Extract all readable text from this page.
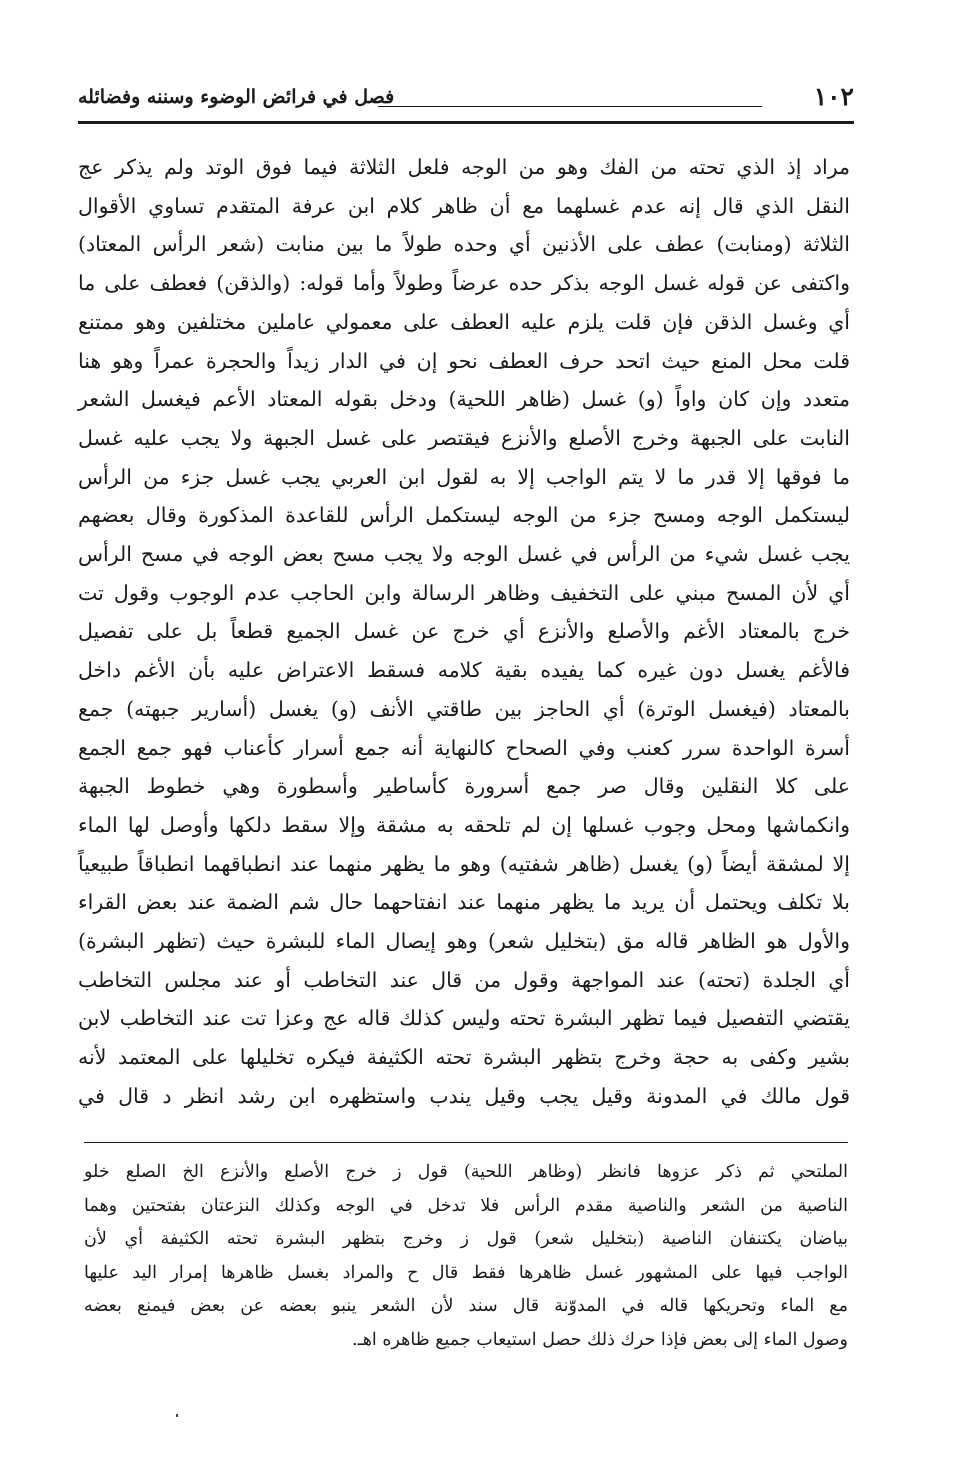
١٠٢
فصل في فرائض الوضوء وسننه وفضائله
مراد إذ الذي تحته من الفك وهو من الوجه فلعل الثلاثة فيما فوق الوتد ولم يذكر عج
النقل الذي قال إنه عدم غسلهما مع أن ظاهر كلام ابن عرفة المتقدم تساوي الأقوال
الثلاثة (ومنابت) عطف على الأذنين أي وحده طولاً ما بين منابت (شعر الرأس المعتاد)
واكتفى عن قوله غسل الوجه بذكر حده عرضاً وطولاً وأما قوله: (والذقن) فعطف على ما
أي وغسل الذقن فإن قلت يلزم عليه العطف على معمولي عاملين مختلفين وهو ممتنع
قلت محل المنع حيث اتحد حرف العطف نحو إن في الدار زيداً والحجرة عمراً وهو هنا
متعدد وإن كان واواً (و) غسل (ظاهر اللحية) ودخل بقوله المعتاد الأعم فيغسل الشعر
النابت على الجبهة وخرج الأصلع والأنزع فيقتصر على غسل الجبهة ولا يجب عليه غسل
ما فوقها إلا قدر ما لا يتم الواجب إلا به لقول ابن العربي يجب غسل جزء من الرأس
ليستكمل الوجه ومسح جزء من الوجه ليستكمل الرأس للقاعدة المذكورة وقال بعضهم
يجب غسل شيء من الرأس في غسل الوجه ولا يجب مسح بعض الوجه في مسح الرأس
أي لأن المسح مبني على التخفيف وظاهر الرسالة وابن الحاجب عدم الوجوب وقول تت
خرج بالمعتاد الأغم والأصلع والأنزع أي خرج عن غسل الجميع قطعاً بل على تفصيل
فالأغم يغسل دون غيره كما يفيده بقية كلامه فسقط الاعتراض عليه بأن الأغم داخل
بالمعتاد (فيغسل الوترة) أي الحاجز بين طاقتي الأنف (و) يغسل (أسارير جبهته) جمع
أسرة الواحدة سرر كعنب وفي الصحاح كالنهاية أنه جمع أسرار كأعناب فهو جمع الجمع
على كلا النقلين وقال صر جمع أسرورة كأساطير وأسطورة وهي خطوط الجبهة
وانكماشها ومحل وجوب غسلها إن لم تلحقه به مشقة وإلا سقط دلكها وأوصل لها الماء
إلا لمشقة أيضاً (و) يغسل (ظاهر شفتيه) وهو ما يظهر منهما عند انطباقهما انطباقاً طبيعياً
بلا تكلف ويحتمل أن يريد ما يظهر منهما عند انفتاحهما حال شم الضمة عند بعض القراء
والأول هو الظاهر قاله مق (بتخليل شعر) وهو إيصال الماء للبشرة حيث (تظهر البشرة)
أي الجلدة (تحته) عند المواجهة وقول من قال عند التخاطب أو عند مجلس التخاطب
يقتضي التفصيل فيما تظهر البشرة تحته وليس كذلك قاله عج وعزا تت عند التخاطب لابن
بشير وكفى به حجة وخرج بتظهر البشرة تحته الكثيفة فيكره تخليلها على المعتمد لأنه
قول مالك في المدونة وقيل يجب وقيل يندب واستظهره ابن رشد انظر د قال في
الملتحي ثم ذكر عزوها فانظر (وظاهر اللحية) قول ز خرج الأصلع والأنزع الخ الصلع خلو
الناصية من الشعر والناصية مقدم الرأس فلا تدخل في الوجه وكذلك النزعتان بفتحتين وهما
بياضان يكتنفان الناصية (بتخليل شعر) قول ز وخرج بتظهر البشرة تحته الكثيفة أي لأن
الواجب فيها على المشهور غسل ظاهرها فقط قال ح والمراد بغسل ظاهرها إمرار اليد عليها
مع الماء وتحريكها قاله في المدوّنة قال سند لأن الشعر ينبو بعضه عن بعض فيمنع بعضه
وصول الماء إلى بعض فإذا حرك ذلك حصل استيعاب جميع ظاهره اهـ.
